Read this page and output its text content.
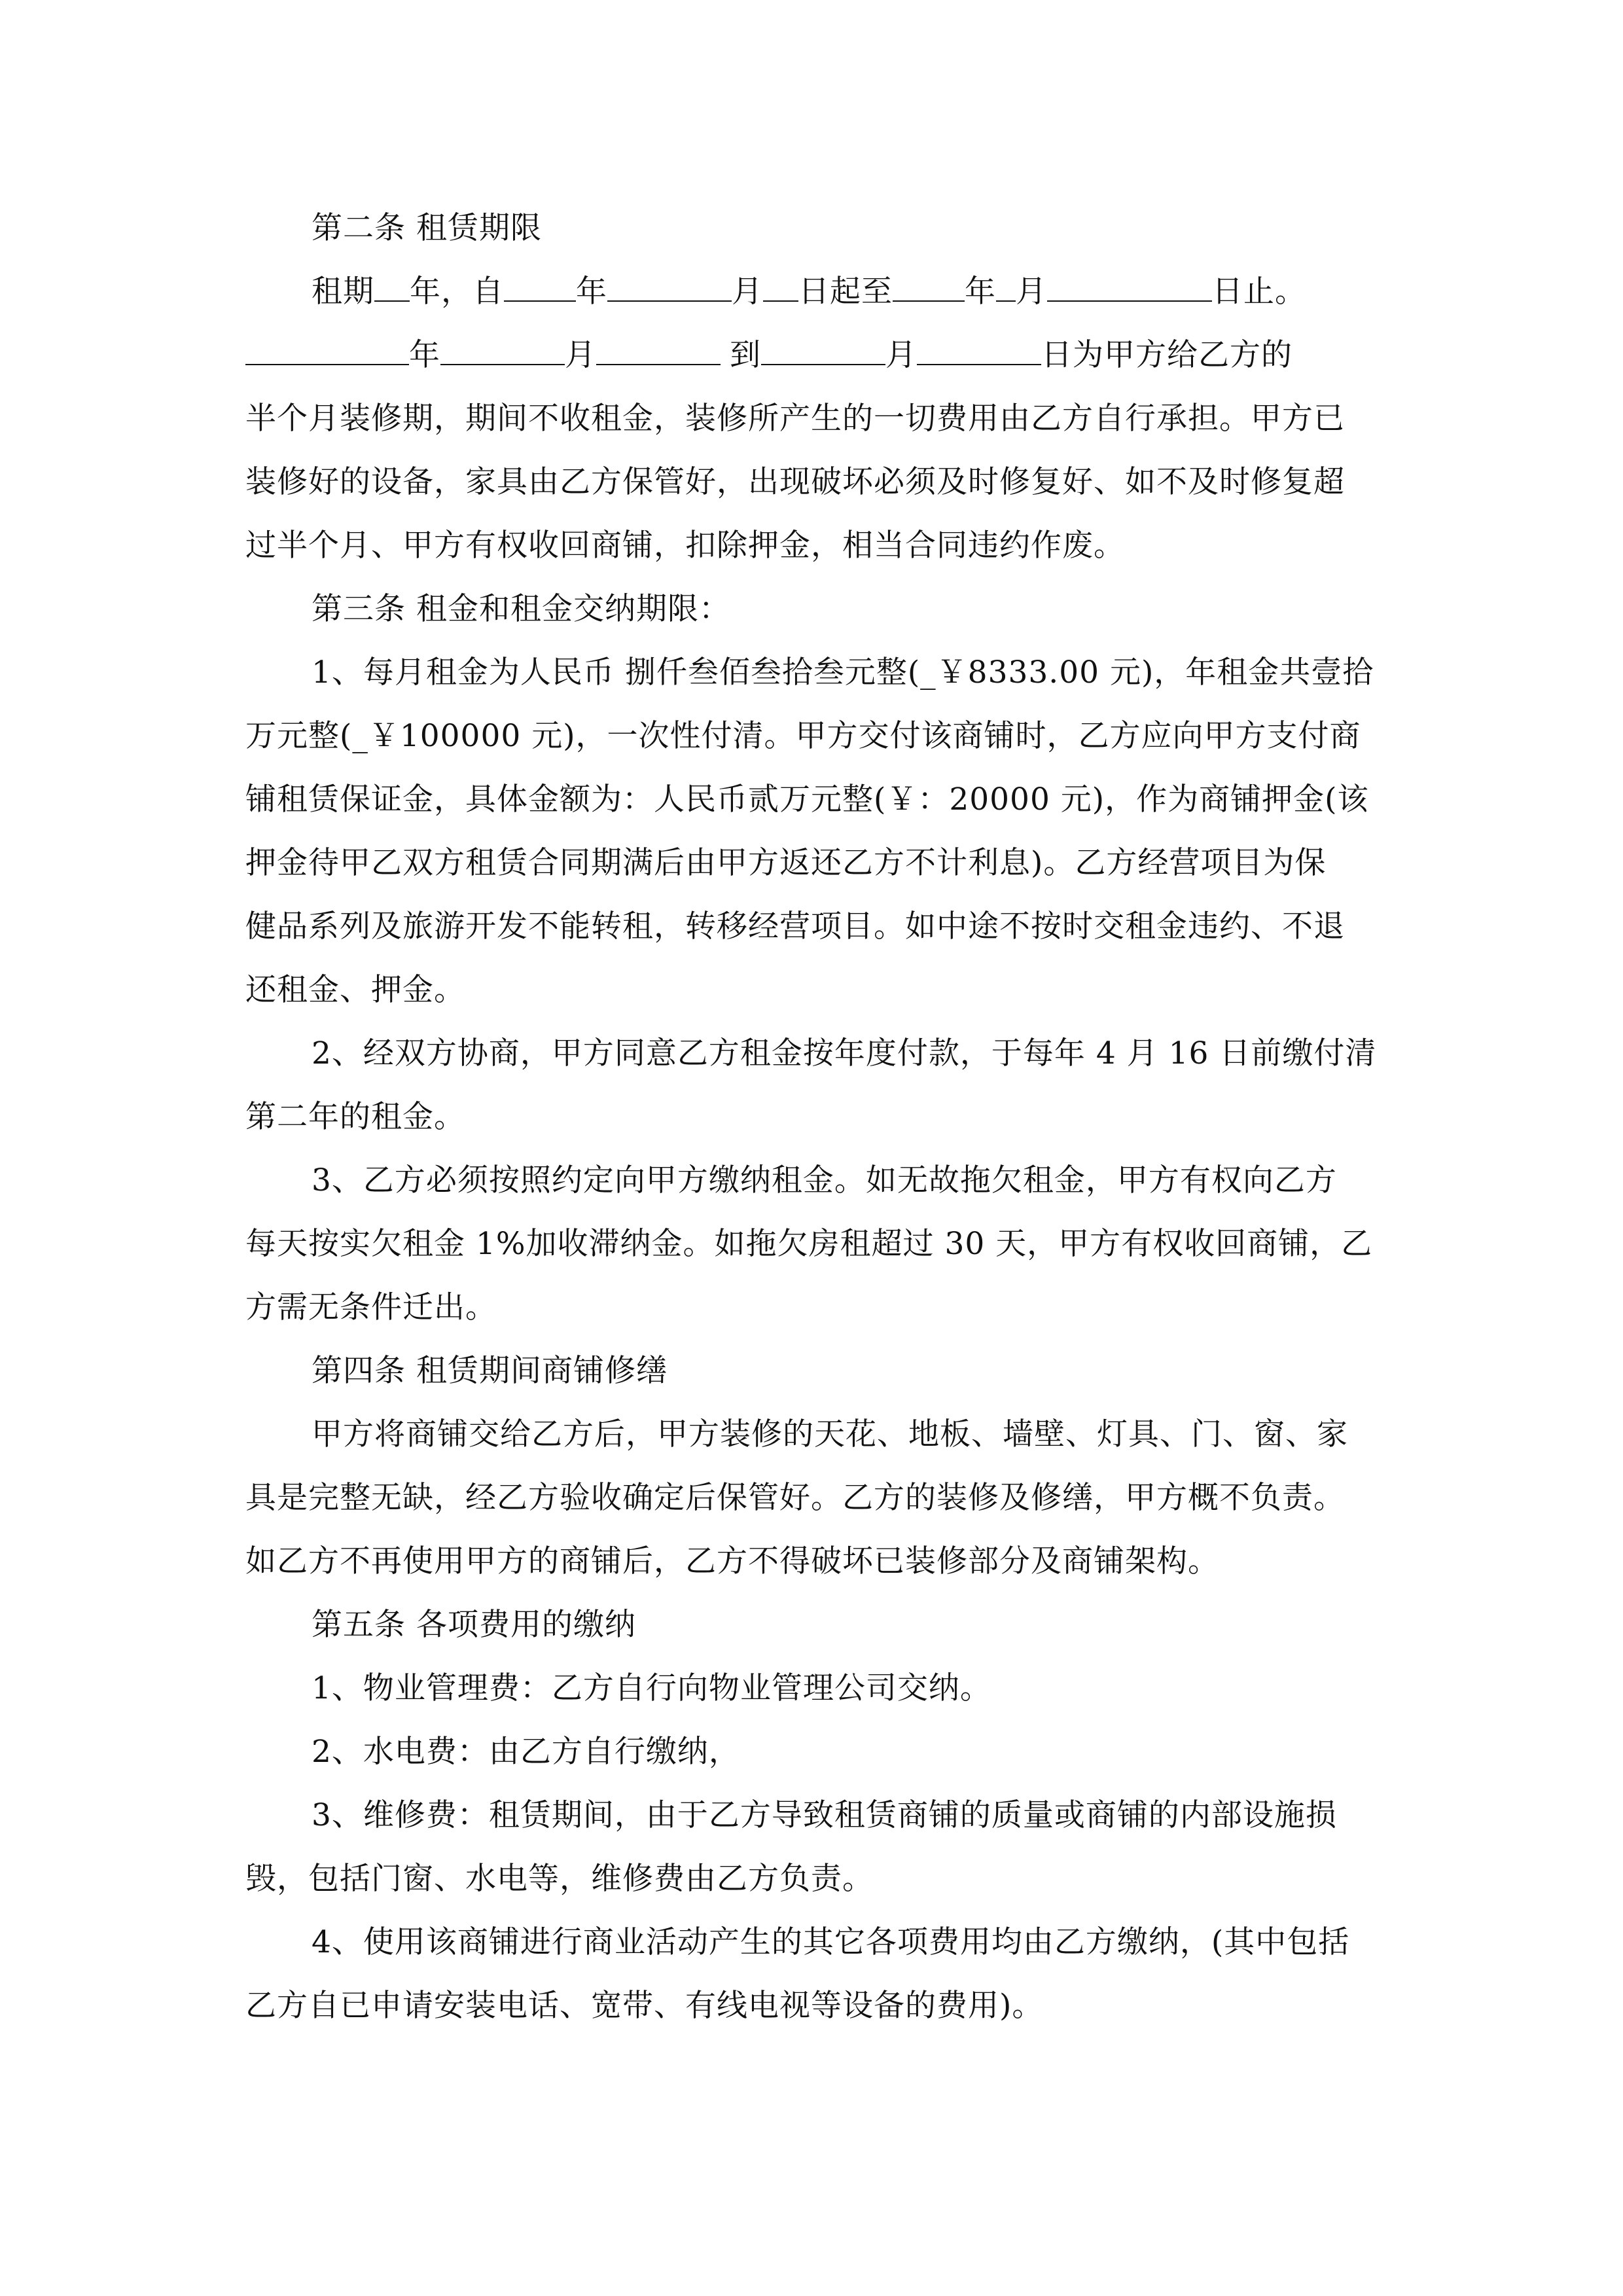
第二条 租赁期限
租期 年，自 年	月 日起至 年 月	日止。
年	月	到	月	日为甲方给乙方的
半个月装修期，期间不收租金，装修所产生的一切费用由乙方自行承担。甲方已
装修好的设备，家具由乙方保管好，出现破坏必须及时修复好、如不及时修复超
过半个月、甲方有权收回商铺，扣除押金，相当合同违约作废。
第三条 租金和租金交纳期限：
1、每月租金为人民币 捌仟叁佰叁拾叁元整(_￥8333.00 元)，年租金共壹拾
万元整(_￥100000 元)，一次性付清。甲方交付该商铺时，乙方应向甲方支付商
铺租赁保证金，具体金额为：人民币贰万元整(￥：20000 元)，作为商铺押金(该
押金待甲乙双方租赁合同期满后由甲方返还乙方不计利息)。乙方经营项目为保
健品系列及旅游开发不能转租，转移经营项目。如中途不按时交租金违约、不退
还租金、押金。
2、经双方协商，甲方同意乙方租金按年度付款，于每年 4 月 16 日前缴付清
第二年的租金。
3、乙方必须按照约定向甲方缴纳租金。如无故拖欠租金，甲方有权向乙方
每天按实欠租金 1%加收滞纳金。如拖欠房租超过 30 天，甲方有权收回商铺，乙
方需无条件迁出。
第四条 租赁期间商铺修缮
甲方将商铺交给乙方后，甲方装修的天花、地板、墙壁、灯具、门、窗、家
具是完整无缺，经乙方验收确定后保管好。乙方的装修及修缮，甲方概不负责。
如乙方不再使用甲方的商铺后，乙方不得破坏已装修部分及商铺架构。
第五条 各项费用的缴纳
1、物业管理费：乙方自行向物业管理公司交纳。
2、水电费：由乙方自行缴纳，
3、维修费：租赁期间，由于乙方导致租赁商铺的质量或商铺的内部设施损
毁，包括门窗、水电等，维修费由乙方负责。
4、使用该商铺进行商业活动产生的其它各项费用均由乙方缴纳，(其中包括
乙方自已申请安装电话、宽带、有线电视等设备的费用)。
